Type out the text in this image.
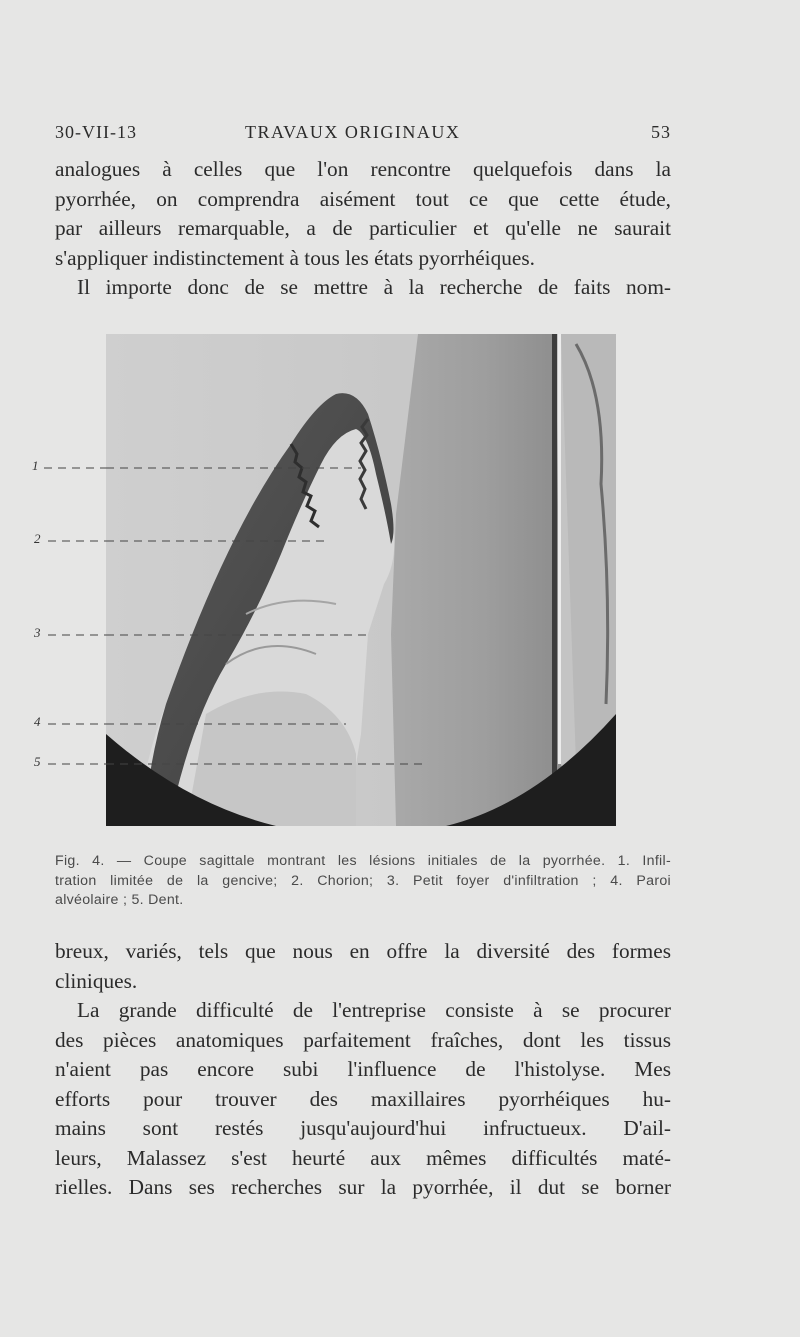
30-VII-13	TRAVAUX ORIGINAUX	53
analogues à celles que l'on rencontre quelquefois dans la
pyorrhée, on comprendra aisément tout ce que cette étude,
par ailleurs remarquable, a de particulier et qu'elle ne saurait
s'appliquer indistinctement à tous les états pyorrhéiques.
Il importe donc de se mettre à la recherche de faits nom-
1
2
3
4
5
Fig. 4. — Coupe sagittale montrant les lésions initiales de la pyorrhée. 1. Infil-
tration limitée de la gencive; 2. Chorion; 3. Petit foyer d'infiltration ; 4. Paroi
alvéolaire ; 5. Dent.
breux, variés, tels que nous en offre la diversité des formes
cliniques.
La grande difficulté de l'entreprise consiste à se procurer
des pièces anatomiques parfaitement fraîches, dont les tissus
n'aient pas encore subi l'influence de l'histolyse. Mes
efforts pour trouver des maxillaires pyorrhéiques hu-
mains sont restés jusqu'aujourd'hui infructueux. D'ail-
leurs, Malassez s'est heurté aux mêmes difficultés maté-
rielles. Dans ses recherches sur la pyorrhée, il dut se borner
